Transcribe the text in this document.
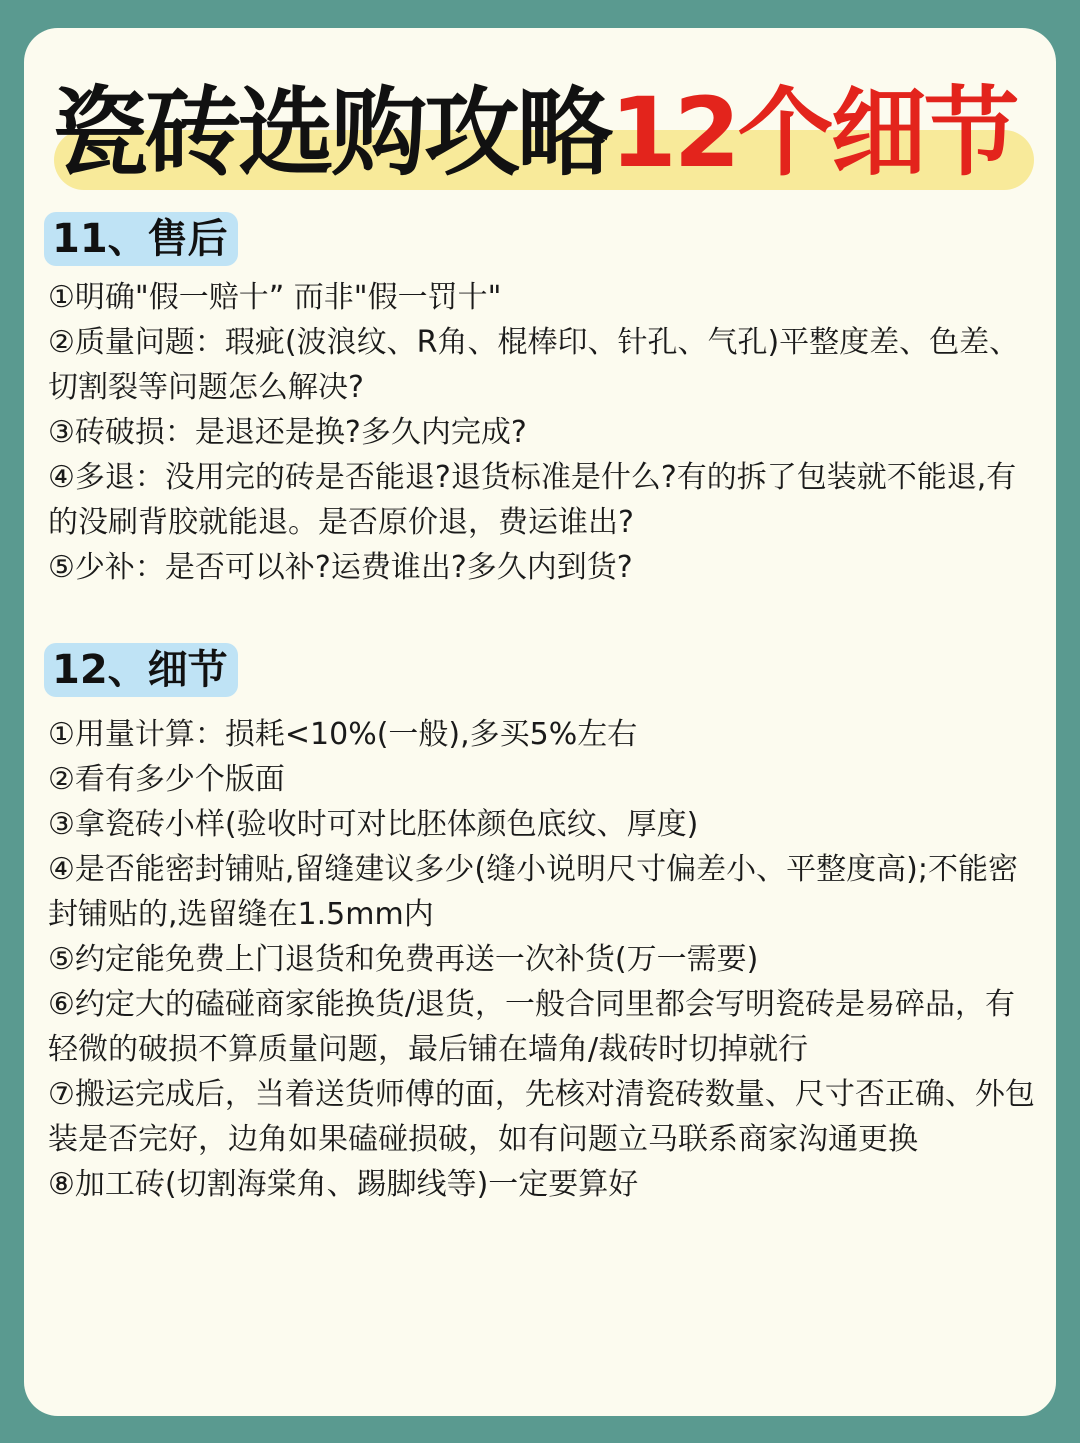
瓷砖选购攻略12个细节
11、售后

①明确"假一赔十” 而非"假一罚十"

②质量问题：瑕疵(波浪纹、R角、棍棒印、针孔、气孔)平整度差、色差、切割裂等问题怎么解决?

③砖破损：是退还是换?多久内完成?

④多退：没用完的砖是否能退?退货标准是什么?有的拆了包装就不能退,有的没刷背胶就能退。是否原价退，费运谁出?

⑤少补：是否可以补?运费谁出?多久内到货?

12、细节

①用量计算：损耗<10%(一般),多买5%左右

②看有多少个版面

③拿瓷砖小样(验收时可对比胚体颜色底纹、厚度)

④是否能密封铺贴,留缝建议多少(缝小说明尺寸偏差小、平整度高);不能密封铺贴的,选留缝在1.5mm内

⑤约定能免费上门退货和免费再送一次补货(万一需要)

⑥约定大的磕碰商家能换货/退货，一般合同里都会写明瓷砖是易碎品，有轻微的破损不算质量问题，最后铺在墙角/裁砖时切掉就行

⑦搬运完成后，当着送货师傅的面，先核对清瓷砖数量、尺寸否正确、外包装是否完好，边角如果磕碰损破，如有问题立马联系商家沟通更换

⑧加工砖(切割海棠角、踢脚线等)一定要算好
